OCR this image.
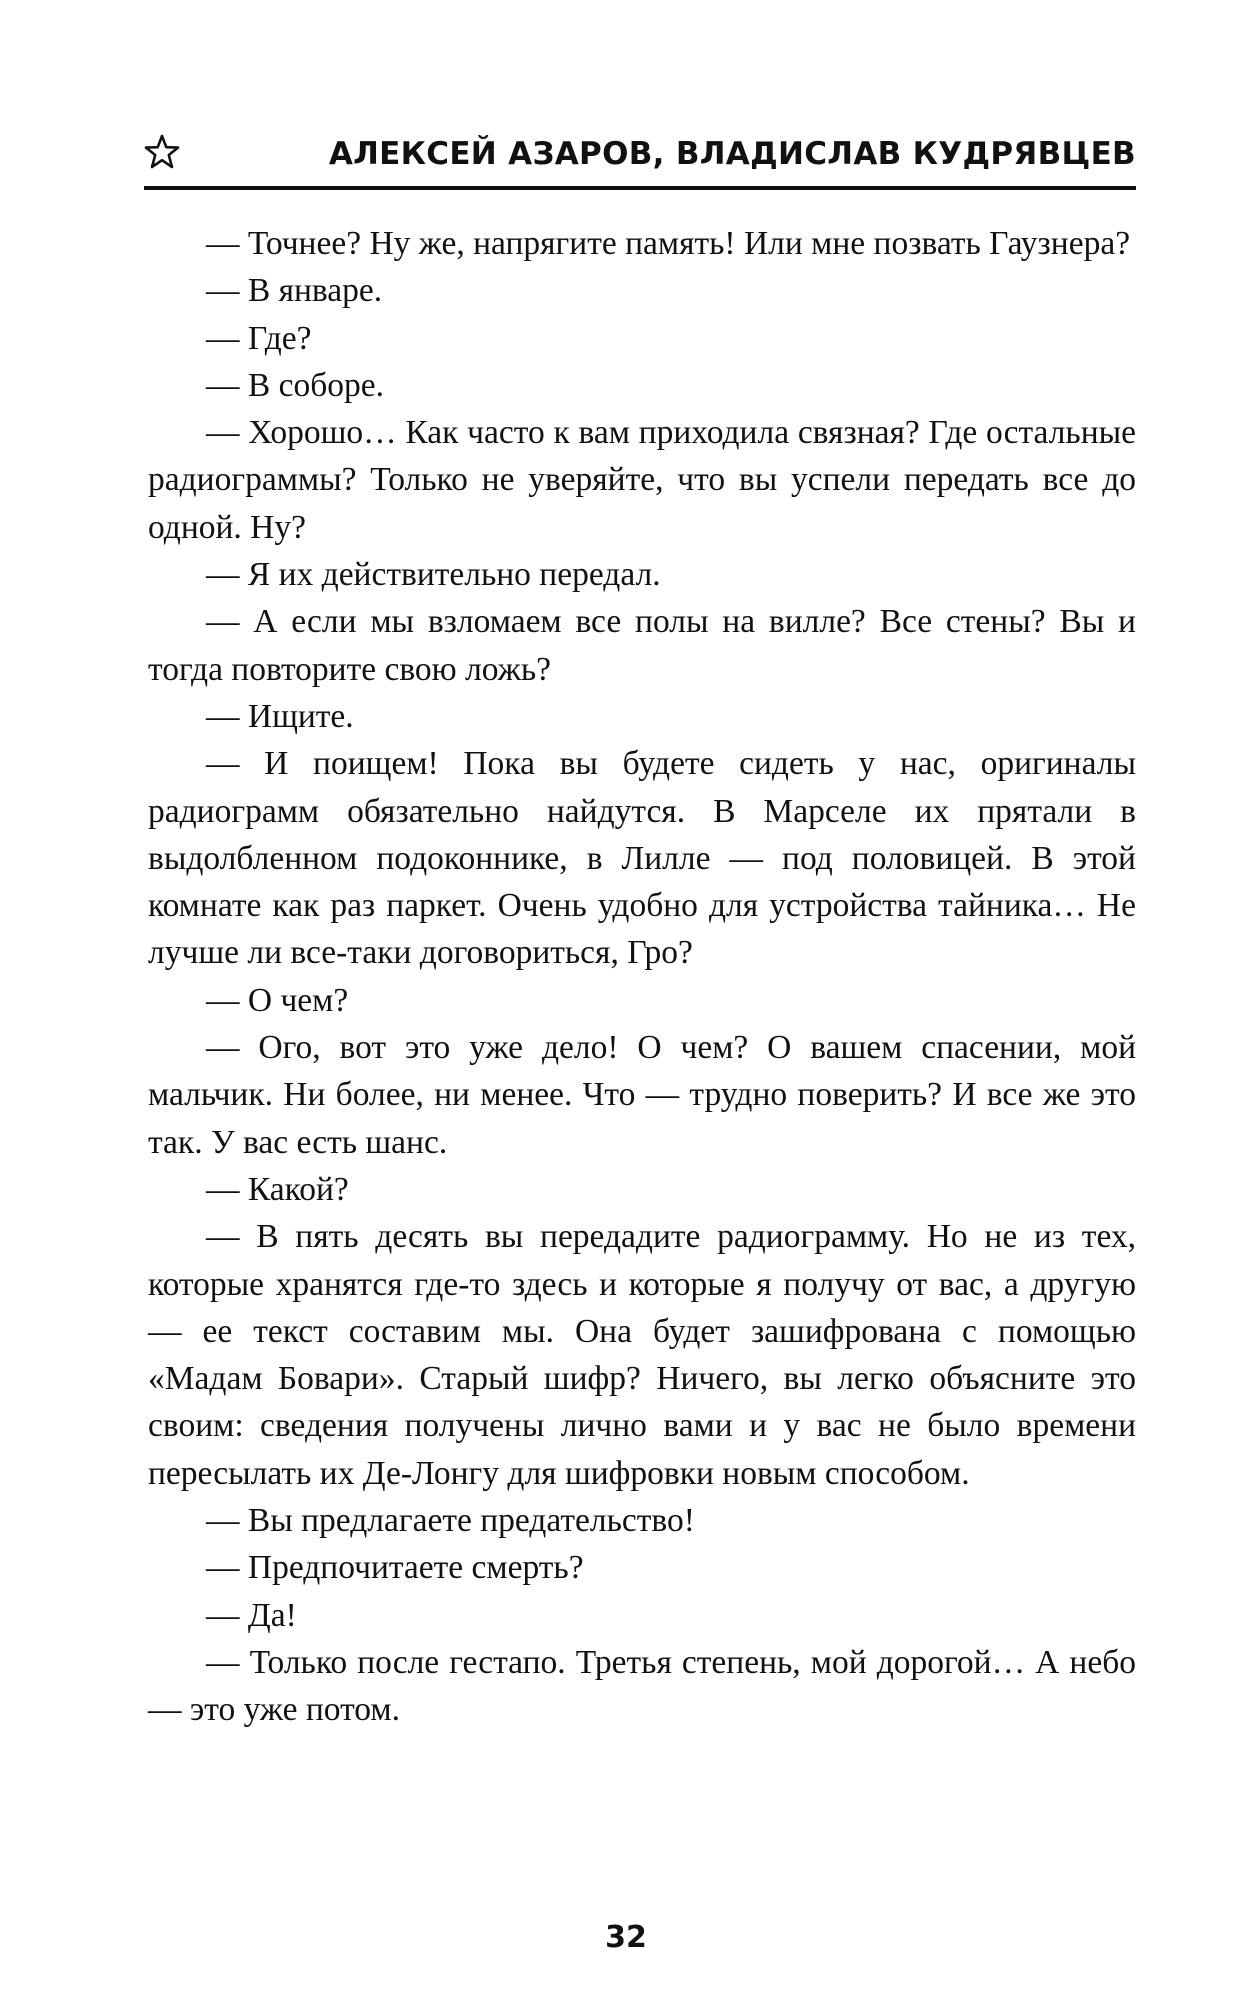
АЛЕКСЕЙ АЗАРОВ, ВЛАДИСЛАВ КУДРЯВЦЕВ

— Точнее? Ну же, напрягите память! Или мне позвать Гаузнера?

— В январе.

— Где?

— В соборе.

— Хорошо… Как часто к вам приходила связная? Где остальные радиограммы? Только не уверяйте, что вы успели передать все до одной. Ну?

— Я их действительно передал.

— А если мы взломаем все полы на вилле? Все стены? Вы и тогда повторите свою ложь?

— Ищите.

— И поищем! Пока вы будете сидеть у нас, оригиналы радиограмм обязательно найдутся. В Марселе их прятали в выдолбленном подоконнике, в Лилле — под половицей. В этой комнате как раз паркет. Очень удобно для устройства тайника… Не лучше ли все-таки договориться, Гро?

— О чем?

— Ого, вот это уже дело! О чем? О вашем спасении, мой мальчик. Ни более, ни менее. Что — трудно поверить? И все же это так. У вас есть шанс.

— Какой?

— В пять десять вы передадите радиограмму. Но не из тех, которые хранятся где-то здесь и которые я получу от вас, а другую — ее текст составим мы. Она будет зашифрована с помощью «Мадам Бовари». Старый шифр? Ничего, вы легко объясните это своим: сведения получены лично вами и у вас не было времени пересылать их Де-Лонгу для шифровки новым способом.

— Вы предлагаете предательство!

— Предпочитаете смерть?

— Да!

— Только после гестапо. Третья степень, мой дорогой… А небо — это уже потом.

32
